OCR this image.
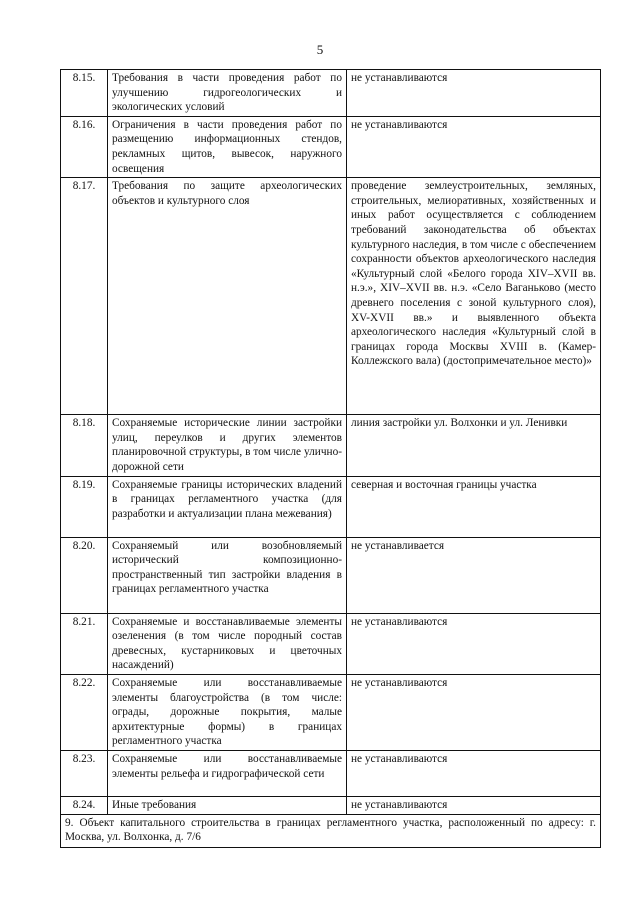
5
8.15.	Требования в части проведения работ по улучшению гидрогеологических и экологических условий	не устанавливаются
8.16.	Ограничения в части проведения работ по размещению информационных стендов, рекламных щитов, вывесок, наружного освещения	не устанавливаются
8.17.	Требования по защите археологических объектов и культурного слоя	проведение землеустроительных, земляных, строительных, мелиоративных, хозяйственных и иных работ осуществляется с соблюдением требований законодательства об объектах культурного наследия, в том числе с обеспечением сохранности объектов археологического наследия «Культурный слой «Белого города XIV–XVII вв. н.э.», XIV–XVII вв. н.э. «Село Ваганьково (место древнего поселения с зоной культурного слоя), XV-XVII вв.» и выявленного объекта археологического наследия «Культурный слой в границах города Москвы XVIII в. (Камер-Коллежского вала) (достопримечательное место)»
8.18.	Сохраняемые исторические линии застройки улиц, переулков и других элементов планировочной структуры, в том числе улично-дорожной сети	линия застройки ул. Волхонки и ул. Ленивки
8.19.	Сохраняемые границы исторических владений в границах регламентного участка (для разработки и актуализации плана межевания)	северная и восточная границы участка
8.20.	Сохраняемый или возобновляемый исторический композиционно-пространственный тип застройки владения в границах регламентного участка	не устанавливается
8.21.	Сохраняемые и восстанавливаемые элементы озеленения (в том числе породный состав древесных, кустарниковых и цветочных насаждений)	не устанавливаются
8.22.	Сохраняемые или восстанавливаемые элементы благоустройства (в том числе: ограды, дорожные покрытия, малые архитектурные формы) в границах регламентного участка	не устанавливаются
8.23.	Сохраняемые или восстанавливаемые элементы рельефа и гидрографической сети	не устанавливаются
8.24.	Иные требования	не устанавливаются
9. Объект капитального строительства в границах регламентного участка, расположенный по адресу: г. Москва, ул. Волхонка, д. 7/6		
